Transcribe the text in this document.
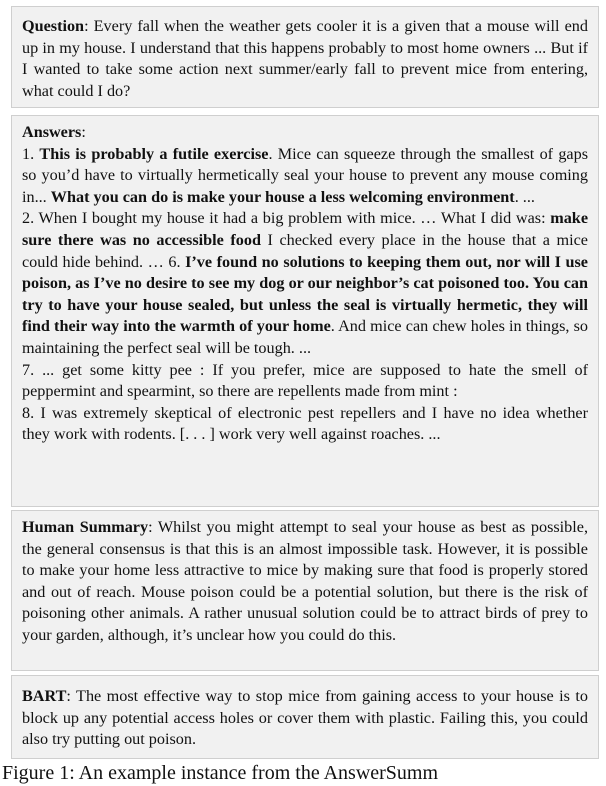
Question: Every fall when the weather gets cooler it is a given that a mouse will end up in my house. I understand that this happens probably to most home owners ... But if I wanted to take some action next summer/early fall to prevent mice from entering, what could I do?

Answers:

1. This is probably a futile exercise. Mice can squeeze through the smallest of gaps so you’d have to virtually hermetically seal your house to prevent any mouse coming in... What you can do is make your house a less welcoming environment. ...

2. When I bought my house it had a big problem with mice. … What I did was: make sure there was no accessible food I checked every place in the house that a mice could hide behind. … 6. I’ve found no solutions to keeping them out, nor will I use poison, as I’ve no desire to see my dog or our neighbor’s cat poisoned too. You can try to have your house sealed, but unless the seal is virtually hermetic, they will find their way into the warmth of your home. And mice can chew holes in things, so maintaining the perfect seal will be tough. ...

7. ... get some kitty pee : If you prefer, mice are supposed to hate the smell of peppermint and spearmint, so there are repellents made from mint :

8. I was extremely skeptical of electronic pest repellers and I have no idea whether they work with rodents. [. . . ] work very well against roaches. ...

Human Summary: Whilst you might attempt to seal your house as best as possible, the general consensus is that this is an almost impossible task. However, it is possible to make your home less attractive to mice by making sure that food is properly stored and out of reach. Mouse poison could be a potential solution, but there is the risk of poisoning other animals. A rather unusual solution could be to attract birds of prey to your garden, although, it’s unclear how you could do this.

BART: The most effective way to stop mice from gaining access to your house is to block up any potential access holes or cover them with plastic. Failing this, you could also try putting out poison.

Figure 1: An example instance from the AnswerSumm
